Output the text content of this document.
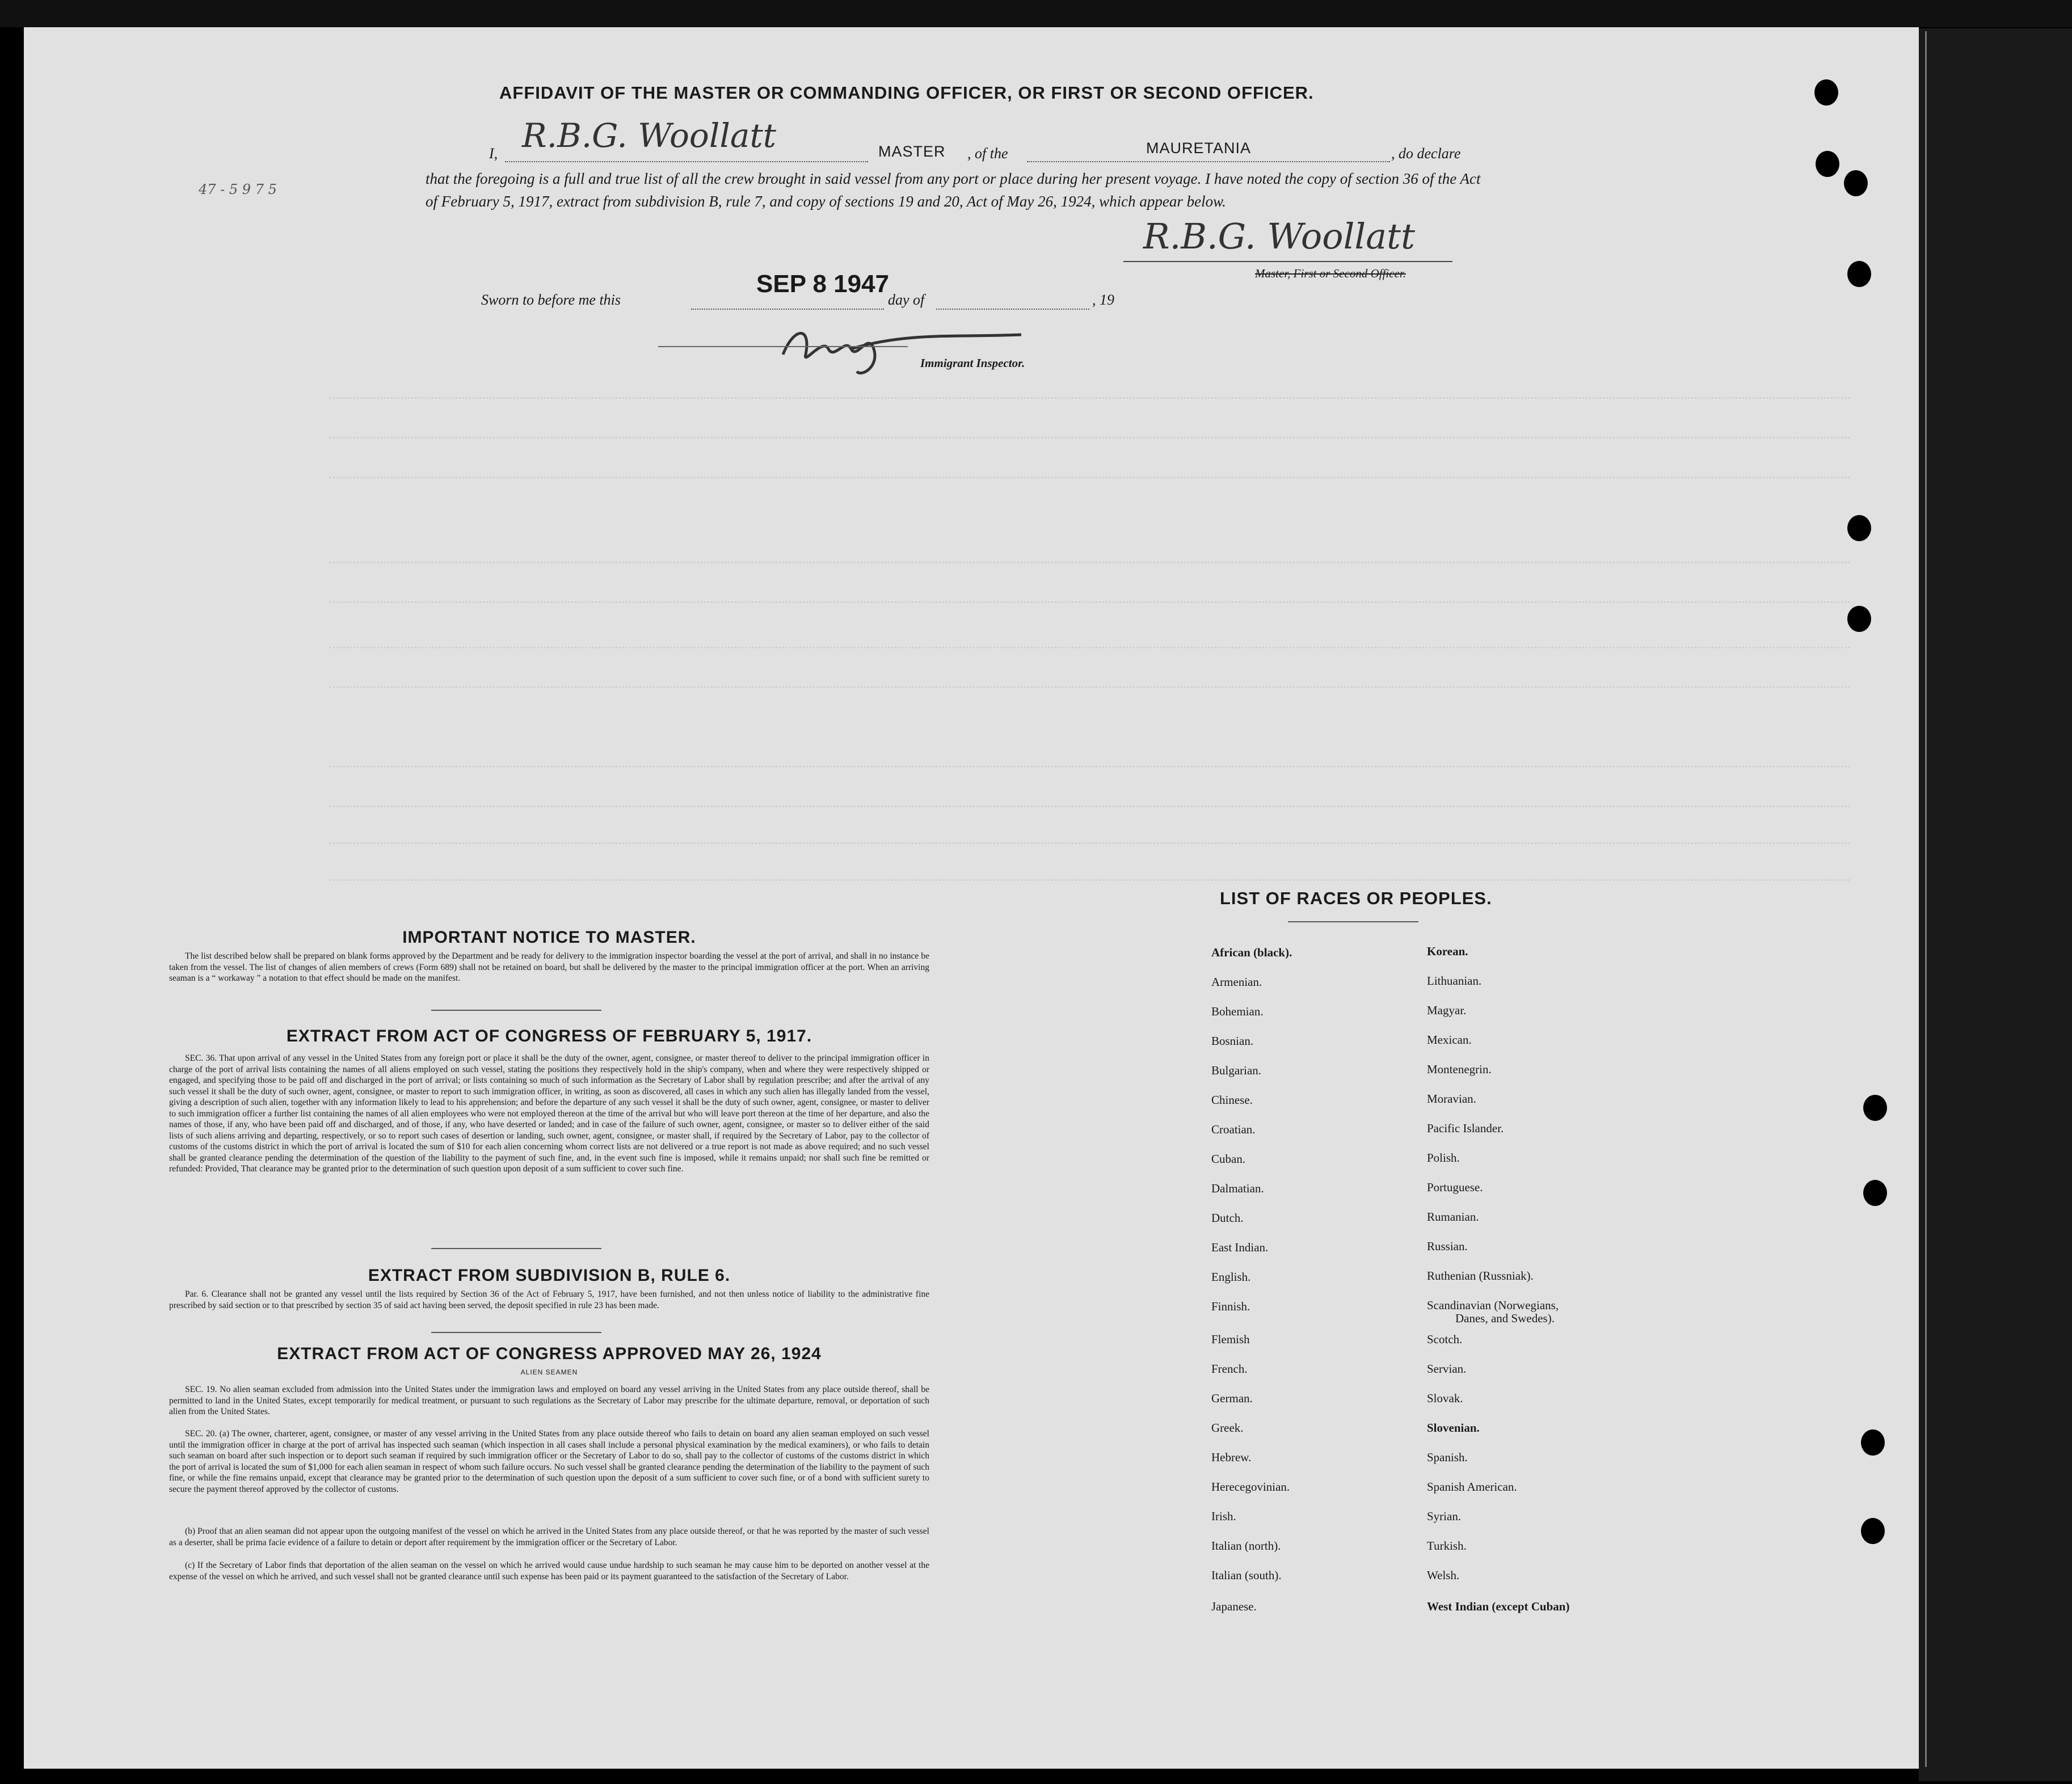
47 - 5 9 7 5
AFFIDAVIT OF THE MASTER OR COMMANDING OFFICER, OR FIRST OR SECOND OFFICER.
I, R.B.G. Woollatt	MASTER , of the	MAURETANIA	, do declare
that the foregoing is a full and true list of all the crew brought in said vessel from any port or place during her present voyage. I have noted the copy of section 36 of the Act of February 5, 1917, extract from subdivision B, rule 7, and copy of sections 19 and 20, Act of May 26, 1924, which appear below.
R.B.G. Woollatt
Master, First or Second Officer.
Sworn to before me this
SEP 8 1947
day of	, 19
Immigrant Inspector.
IMPORTANT NOTICE TO MASTER.
The list described below shall be prepared on blank forms approved by the Department and be ready for delivery to the immigration inspector boarding the vessel at the port of arrival, and shall in no instance be taken from the vessel. The list of changes of alien members of crews (Form 689) shall not be retained on board, but shall be delivered by the master to the principal immigration officer at the port. When an arriving seaman is a “ workaway ” a notation to that effect should be made on the manifest.
EXTRACT FROM ACT OF CONGRESS OF FEBRUARY 5, 1917.
SEC. 36. That upon arrival of any vessel in the United States from any foreign port or place it shall be the duty of the owner, agent, consignee, or master thereof to deliver to the principal immigration officer in charge of the port of arrival lists containing the names of all aliens employed on such vessel, stating the positions they respectively hold in the ship's company, when and where they were respectively shipped or engaged, and specifying those to be paid off and discharged in the port of arrival; or lists containing so much of such information as the Secretary of Labor shall by regulation prescribe; and after the arrival of any such vessel it shall be the duty of such owner, agent, consignee, or master to report to such immigration officer, in writing, as soon as discovered, all cases in which any such alien has illegally landed from the vessel, giving a description of such alien, together with any information likely to lead to his apprehension; and before the departure of any such vessel it shall be the duty of such owner, agent, consignee, or master to deliver to such immigration officer a further list containing the names of all alien employees who were not employed thereon at the time of the arrival but who will leave port thereon at the time of her departure, and also the names of those, if any, who have been paid off and discharged, and of those, if any, who have deserted or landed; and in case of the failure of such owner, agent, consignee, or master so to deliver either of the said lists of such aliens arriving and departing, respectively, or so to report such cases of desertion or landing, such owner, agent, consignee, or master shall, if required by the Secretary of Labor, pay to the collector of customs of the customs district in which the port of arrival is located the sum of $10 for each alien concerning whom correct lists are not delivered or a true report is not made as above required; and no such vessel shall be granted clearance pending the determination of the question of the liability to the payment of such fine, and, in the event such fine is imposed, while it remains unpaid; nor shall such fine be remitted or refunded: Provided, That clearance may be granted prior to the determination of such question upon deposit of a sum sufficient to cover such fine.
EXTRACT FROM SUBDIVISION B, RULE 6.
Par. 6. Clearance shall not be granted any vessel until the lists required by Section 36 of the Act of February 5, 1917, have been furnished, and not then unless notice of liability to the administrative fine prescribed by said section or to that prescribed by section 35 of said act having been served, the deposit specified in rule 23 has been made.
EXTRACT FROM ACT OF CONGRESS APPROVED MAY 26, 1924
ALIEN SEAMEN
SEC. 19. No alien seaman excluded from admission into the United States under the immigration laws and employed on board any vessel arriving in the United States from any place outside thereof, shall be permitted to land in the United States, except temporarily for medical treatment, or pursuant to such regulations as the Secretary of Labor may prescribe for the ultimate departure, removal, or deportation of such alien from the United States.
SEC. 20. (a) The owner, charterer, agent, consignee, or master of any vessel arriving in the United States from any place outside thereof who fails to detain on board any alien seaman employed on such vessel until the immigration officer in charge at the port of arrival has inspected such seaman (which inspection in all cases shall include a personal physical examination by the medical examiners), or who fails to detain such seaman on board after such inspection or to deport such seaman if required by such immigration officer or the Secretary of Labor to do so, shall pay to the collector of customs of the customs district in which the port of arrival is located the sum of $1,000 for each alien seaman in respect of whom such failure occurs. No such vessel shall be granted clearance pending the determination of the liability to the payment of such fine, or while the fine remains unpaid, except that clearance may be granted prior to the determination of such question upon the deposit of a sum sufficient to cover such fine, or of a bond with sufficient surety to secure the payment thereof approved by the collector of customs.
(b) Proof that an alien seaman did not appear upon the outgoing manifest of the vessel on which he arrived in the United States from any place outside thereof, or that he was reported by the master of such vessel as a deserter, shall be prima facie evidence of a failure to detain or deport after requirement by the immigration officer or the Secretary of Labor.
(c) If the Secretary of Labor finds that deportation of the alien seaman on the vessel on which he arrived would cause undue hardship to such seaman he may cause him to be deported on another vessel at the expense of the vessel on which he arrived, and such vessel shall not be granted clearance until such expense has been paid or its payment guaranteed to the satisfaction of the Secretary of Labor.
LIST OF RACES OR PEOPLES.
African (black).
Armenian.
Bohemian.
Bosnian.
Bulgarian.
Chinese.
Croatian.
Cuban.
Dalmatian.
Dutch.
East Indian.
English.
Finnish.
Flemish
French.
German.
Greek.
Hebrew.
Herecegovinian.
Irish.
Italian (north).
Italian (south).
Japanese.
Korean.
Lithuanian.
Magyar.
Mexican.
Montenegrin.
Moravian.
Pacific Islander.
Polish.
Portuguese.
Rumanian.
Russian.
Ruthenian (Russniak).
Scandinavian (Norwegians,
Danes, and Swedes).
Scotch.
Servian.
Slovak.
Slovenian.
Spanish.
Spanish American.
Syrian.
Turkish.
Welsh.
West Indian (except Cuban)
